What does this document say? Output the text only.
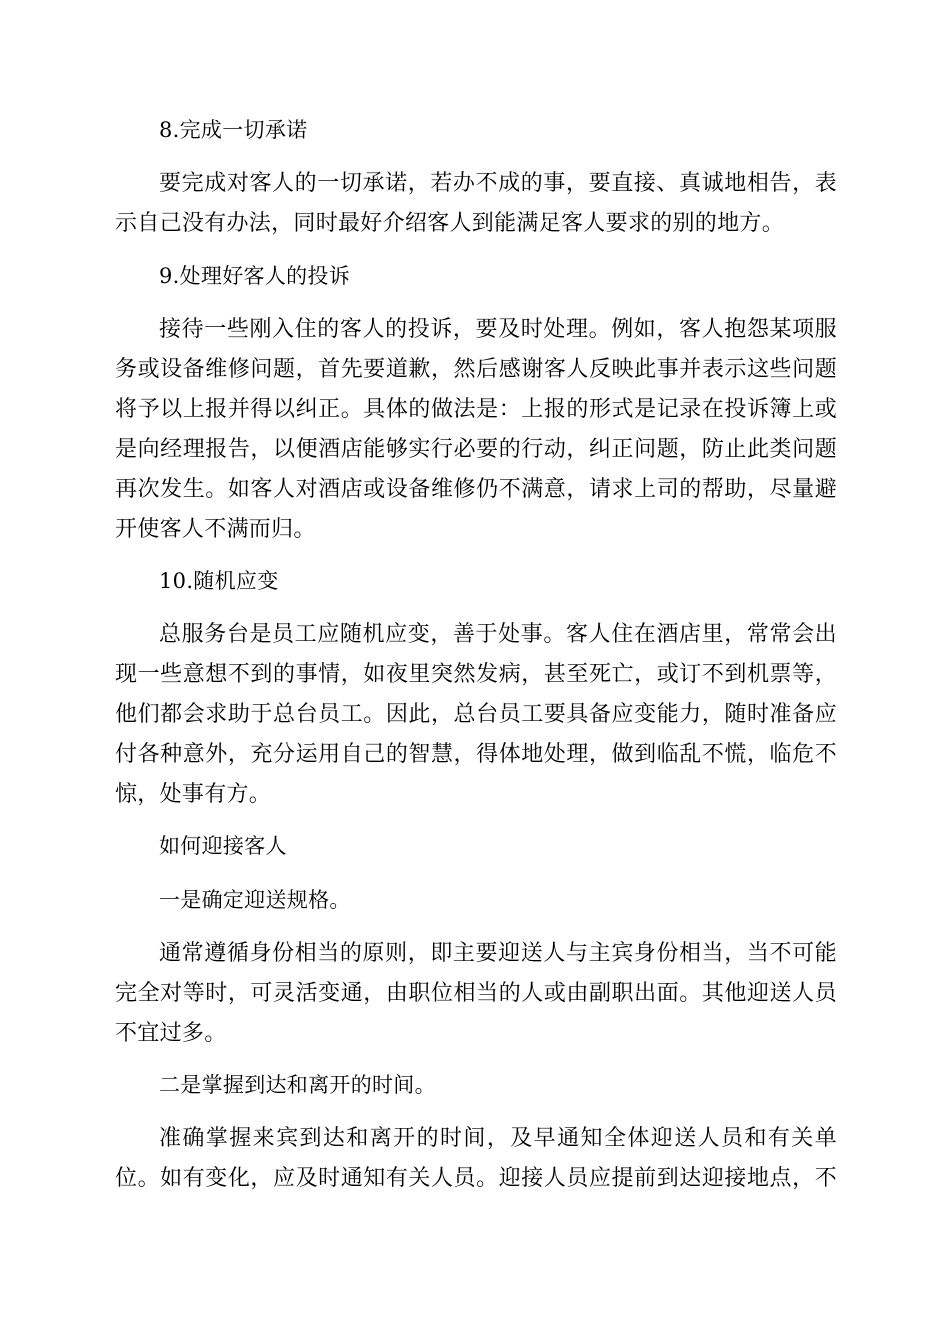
8.完成一切承诺
要完成对客人的一切承诺，若办不成的事，要直接、真诚地相告，表
示自己没有办法，同时最好介绍客人到能满足客人要求的别的地方。
9.处理好客人的投诉
接待一些刚入住的客人的投诉，要及时处理。例如，客人抱怨某项服
务或设备维修问题，首先要道歉，然后感谢客人反映此事并表示这些问题
将予以上报并得以纠正。具体的做法是：上报的形式是记录在投诉簿上或
是向经理报告，以便酒店能够实行必要的行动，纠正问题，防止此类问题
再次发生。如客人对酒店或设备维修仍不满意，请求上司的帮助，尽量避
开使客人不满而归。
10.随机应变
总服务台是员工应随机应变，善于处事。客人住在酒店里，常常会出
现一些意想不到的事情，如夜里突然发病，甚至死亡，或订不到机票等，
他们都会求助于总台员工。因此，总台员工要具备应变能力，随时准备应
付各种意外，充分运用自己的智慧，得体地处理，做到临乱不慌，临危不
惊，处事有方。
如何迎接客人
一是确定迎送规格。
通常遵循身份相当的原则，即主要迎送人与主宾身份相当，当不可能
完全对等时，可灵活变通，由职位相当的人或由副职出面。其他迎送人员
不宜过多。
二是掌握到达和离开的时间。
准确掌握来宾到达和离开的时间，及早通知全体迎送人员和有关单
位。如有变化，应及时通知有关人员。迎接人员应提前到达迎接地点，不
